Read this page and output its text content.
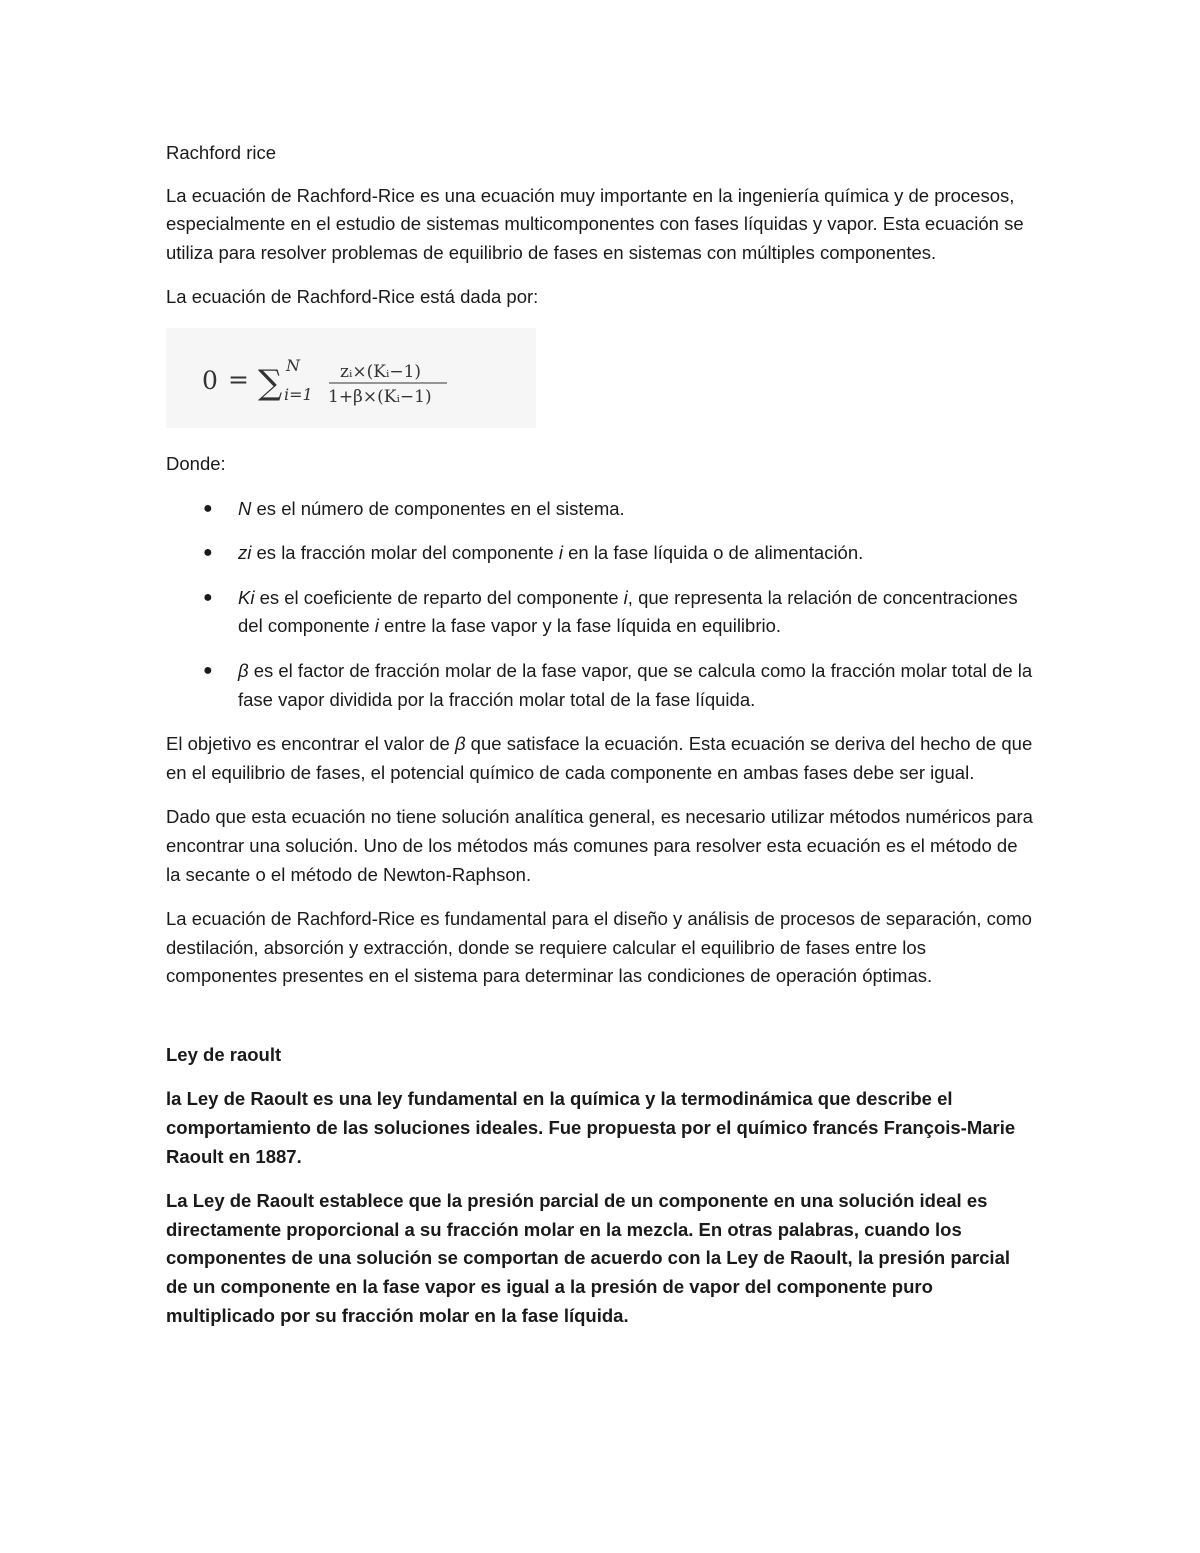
Rachford rice

La ecuación de Rachford-Rice es una ecuación muy importante en la ingeniería química y de procesos, especialmente en el estudio de sistemas multicomponentes con fases líquidas y vapor. Esta ecuación se utiliza para resolver problemas de equilibrio de fases en sistemas con múltiples componentes.

La ecuación de Rachford-Rice está dada por:

0 = ∑ N
i=1
zᵢ×(Kᵢ−1)
1+β×(Kᵢ−1)

Donde:

● N es el número de componentes en el sistema.
● zi es la fracción molar del componente i en la fase líquida o de alimentación.
● Ki es el coeficiente de reparto del componente i, que representa la relación de concentraciones del componente i entre la fase vapor y la fase líquida en equilibrio.
● β es el factor de fracción molar de la fase vapor, que se calcula como la fracción molar total de la fase vapor dividida por la fracción molar total de la fase líquida.

El objetivo es encontrar el valor de β que satisface la ecuación. Esta ecuación se deriva del hecho de que en el equilibrio de fases, el potencial químico de cada componente en ambas fases debe ser igual.

Dado que esta ecuación no tiene solución analítica general, es necesario utilizar métodos numéricos para encontrar una solución. Uno de los métodos más comunes para resolver esta ecuación es el método de la secante o el método de Newton-Raphson.

La ecuación de Rachford-Rice es fundamental para el diseño y análisis de procesos de separación, como destilación, absorción y extracción, donde se requiere calcular el equilibrio de fases entre los componentes presentes en el sistema para determinar las condiciones de operación óptimas.

Ley de raoult

la Ley de Raoult es una ley fundamental en la química y la termodinámica que describe el comportamiento de las soluciones ideales. Fue propuesta por el químico francés François-Marie Raoult en 1887.

La Ley de Raoult establece que la presión parcial de un componente en una solución ideal es directamente proporcional a su fracción molar en la mezcla. En otras palabras, cuando los componentes de una solución se comportan de acuerdo con la Ley de Raoult, la presión parcial de un componente en la fase vapor es igual a la presión de vapor del componente puro multiplicado por su fracción molar en la fase líquida.
